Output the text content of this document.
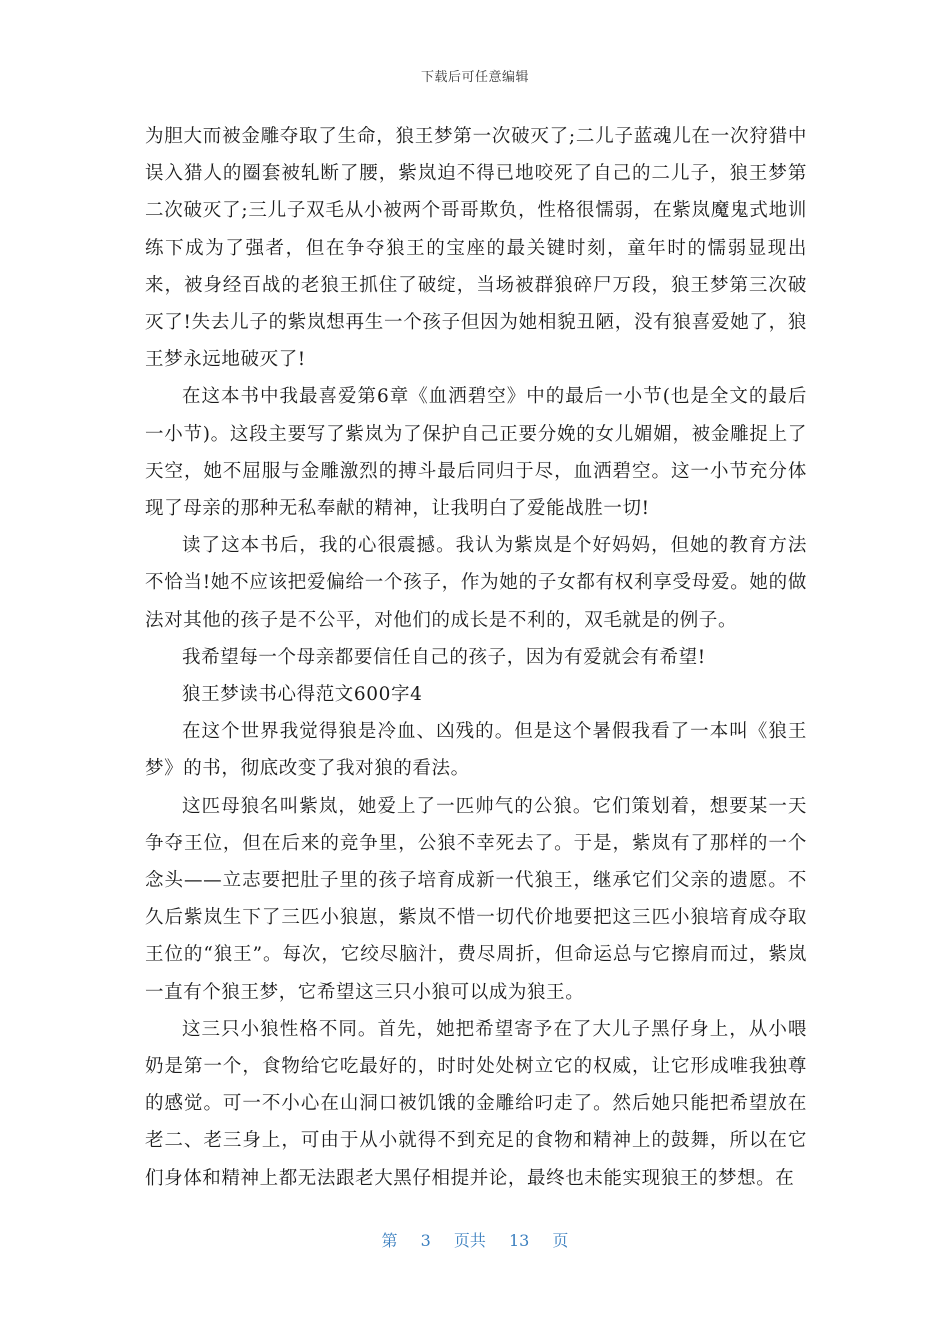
下载后可任意编辑

为胆大而被金雕夺取了生命，狼王梦第一次破灭了;二儿子蓝魂儿在一次狩猎中误入猎人的圈套被轧断了腰，紫岚迫不得已地咬死了自己的二儿子，狼王梦第二次破灭了;三儿子双毛从小被两个哥哥欺负，性格很懦弱，在紫岚魔鬼式地训练下成为了强者，但在争夺狼王的宝座的最关键时刻，童年时的懦弱显现出来，被身经百战的老狼王抓住了破绽，当场被群狼碎尸万段，狼王梦第三次破灭了!失去儿子的紫岚想再生一个孩子但因为她相貌丑陋，没有狼喜爱她了，狼王梦永远地破灭了!

在这本书中我最喜爱第6章《血洒碧空》中的最后一小节(也是全文的最后一小节)。这段主要写了紫岚为了保护自己正要分娩的女儿媚媚，被金雕捉上了天空，她不屈服与金雕激烈的搏斗最后同归于尽，血洒碧空。这一小节充分体现了母亲的那种无私奉献的精神，让我明白了爱能战胜一切!

读了这本书后，我的心很震撼。我认为紫岚是个好妈妈，但她的教育方法不恰当!她不应该把爱偏给一个孩子，作为她的子女都有权利享受母爱。她的做法对其他的孩子是不公平，对他们的成长是不利的，双毛就是的例子。

我希望每一个母亲都要信任自己的孩子，因为有爱就会有希望!

狼王梦读书心得范文600字4

在这个世界我觉得狼是冷血、凶残的。但是这个暑假我看了一本叫《狼王梦》的书，彻底改变了我对狼的看法。

这匹母狼名叫紫岚，她爱上了一匹帅气的公狼。它们策划着，想要某一天争夺王位，但在后来的竞争里，公狼不幸死去了。于是，紫岚有了那样的一个念头——立志要把肚子里的孩子培育成新一代狼王，继承它们父亲的遗愿。不久后紫岚生下了三匹小狼崽，紫岚不惜一切代价地要把这三匹小狼培育成夺取王位的“狼王”。每次，它绞尽脑汁，费尽周折，但命运总与它擦肩而过，紫岚一直有个狼王梦，它希望这三只小狼可以成为狼王。

这三只小狼性格不同。首先，她把希望寄予在了大儿子黑仔身上，从小喂奶是第一个，食物给它吃最好的，时时处处树立它的权威，让它形成唯我独尊的感觉。可一不小心在山洞口被饥饿的金雕给叼走了。然后她只能把希望放在老二、老三身上，可由于从小就得不到充足的食物和精神上的鼓舞，所以在它们身体和精神上都无法跟老大黑仔相提并论，最终也未能实现狼王的梦想。在

第 3 页共 13 页
